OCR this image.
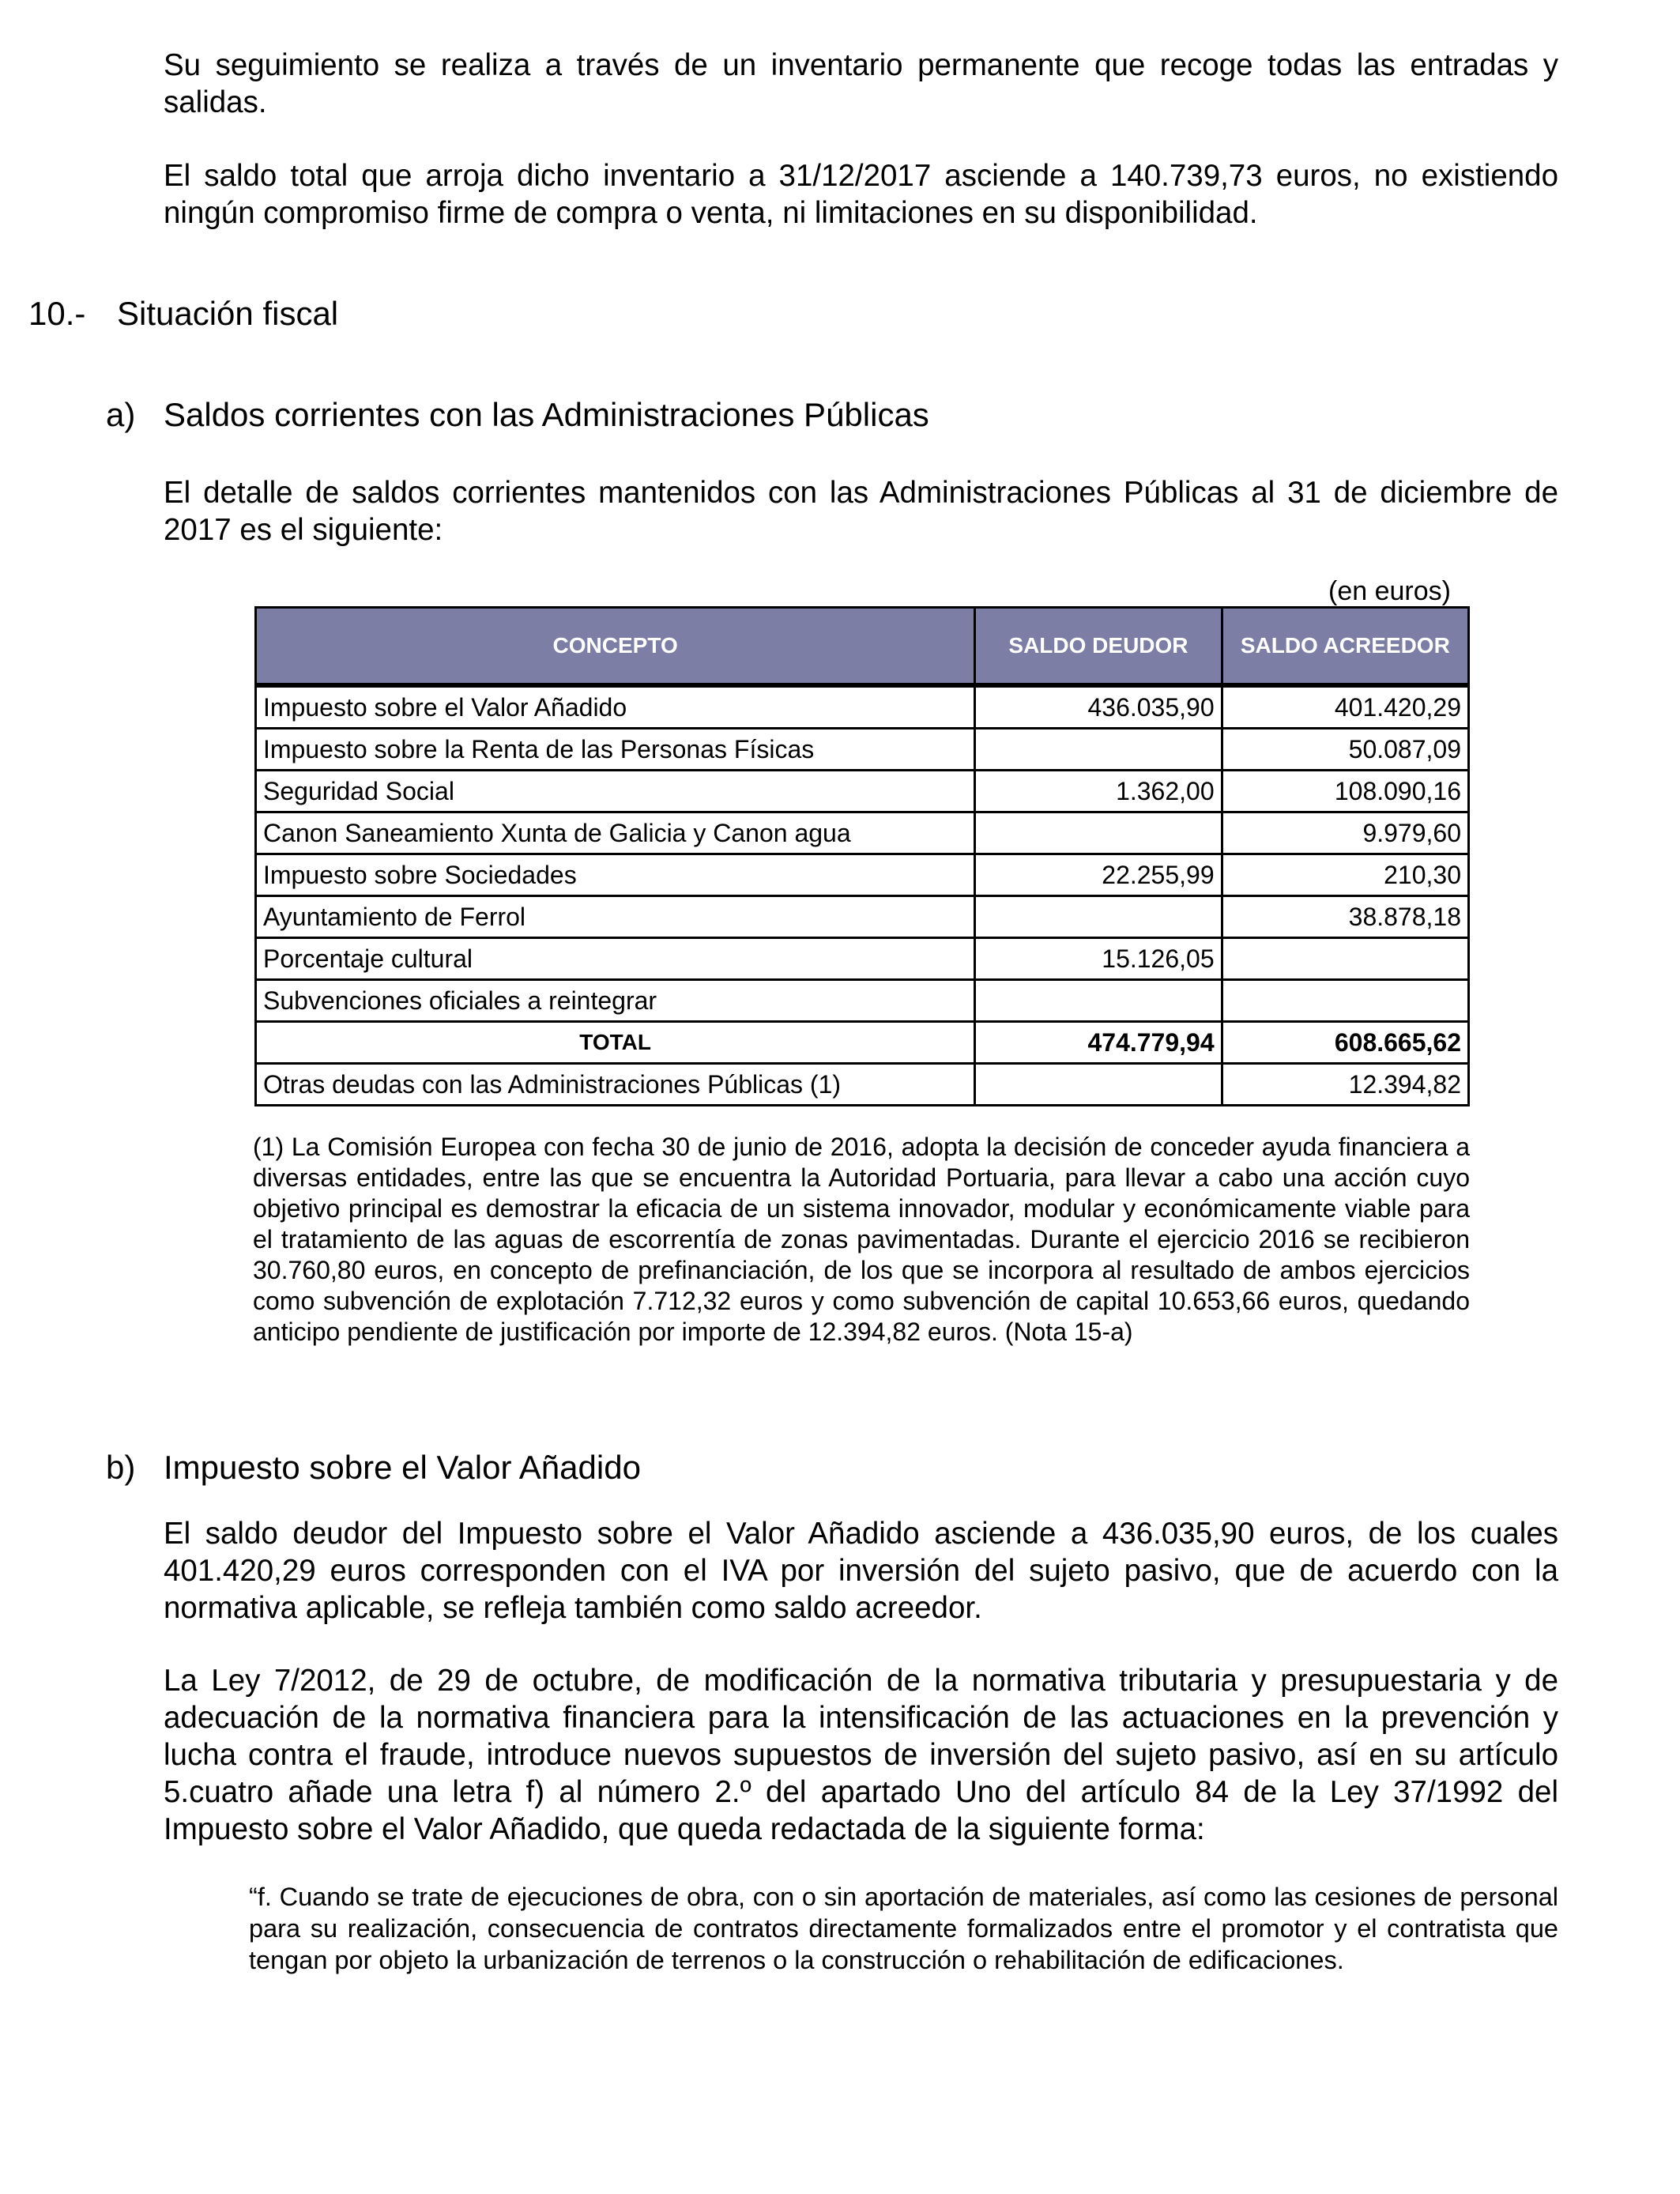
Su seguimiento se realiza a través de un inventario permanente que recoge todas las entradas y salidas.

El saldo total que arroja dicho inventario a 31/12/2017 asciende a 140.739,73 euros, no existiendo ningún compromiso firme de compra o venta, ni limitaciones en su disponibilidad.

10.- Situación fiscal
a) Saldos corrientes con las Administraciones Públicas

El detalle de saldos corrientes mantenidos con las Administraciones Públicas al 31 de diciembre de 2017 es el siguiente:

(en euros)
CONCEPTO	SALDO DEUDOR	SALDO ACREEDOR

Impuesto sobre el Valor Añadido	436.035,90	401.420,29
Impuesto sobre la Renta de las Personas Físicas		50.087,09
Seguridad Social	1.362,00	108.090,16
Canon Saneamiento Xunta de Galicia y Canon agua		9.979,60
Impuesto sobre Sociedades	22.255,99	210,30
Ayuntamiento de Ferrol		38.878,18
Porcentaje cultural	15.126,05	
Subvenciones oficiales a reintegrar		
TOTAL	474.779,94	608.665,62
Otras deudas con las Administraciones Públicas (1)		12.394,82

(1) La Comisión Europea con fecha 30 de junio de 2016, adopta la decisión de conceder ayuda financiera a diversas entidades, entre las que se encuentra la Autoridad Portuaria, para llevar a cabo una acción cuyo objetivo principal es demostrar la eficacia de un sistema innovador, modular y económicamente viable para el tratamiento de las aguas de escorrentía de zonas pavimentadas. Durante el ejercicio 2016 se recibieron 30.760,80 euros, en concepto de prefinanciación, de los que se incorpora al resultado de ambos ejercicios como subvención de explotación 7.712,32 euros y como subvención de capital 10.653,66 euros, quedando anticipo pendiente de justificación por importe de 12.394,82 euros. (Nota 15-a)

b) Impuesto sobre el Valor Añadido

El saldo deudor del Impuesto sobre el Valor Añadido asciende a 436.035,90 euros, de los cuales 401.420,29 euros corresponden con el IVA por inversión del sujeto pasivo, que de acuerdo con la normativa aplicable, se refleja también como saldo acreedor.

La Ley 7/2012, de 29 de octubre, de modificación de la normativa tributaria y presupuestaria y de adecuación de la normativa financiera para la intensificación de las actuaciones en la prevención y lucha contra el fraude, introduce nuevos supuestos de inversión del sujeto pasivo, así en su artículo 5.cuatro añade una letra f) al número 2.º del apartado Uno del artículo 84 de la Ley 37/1992 del Impuesto sobre el Valor Añadido, que queda redactada de la siguiente forma:

“f. Cuando se trate de ejecuciones de obra, con o sin aportación de materiales, así como las cesiones de personal para su realización, consecuencia de contratos directamente formalizados entre el promotor y el contratista que tengan por objeto la urbanización de terrenos o la construcción o rehabilitación de edificaciones.
